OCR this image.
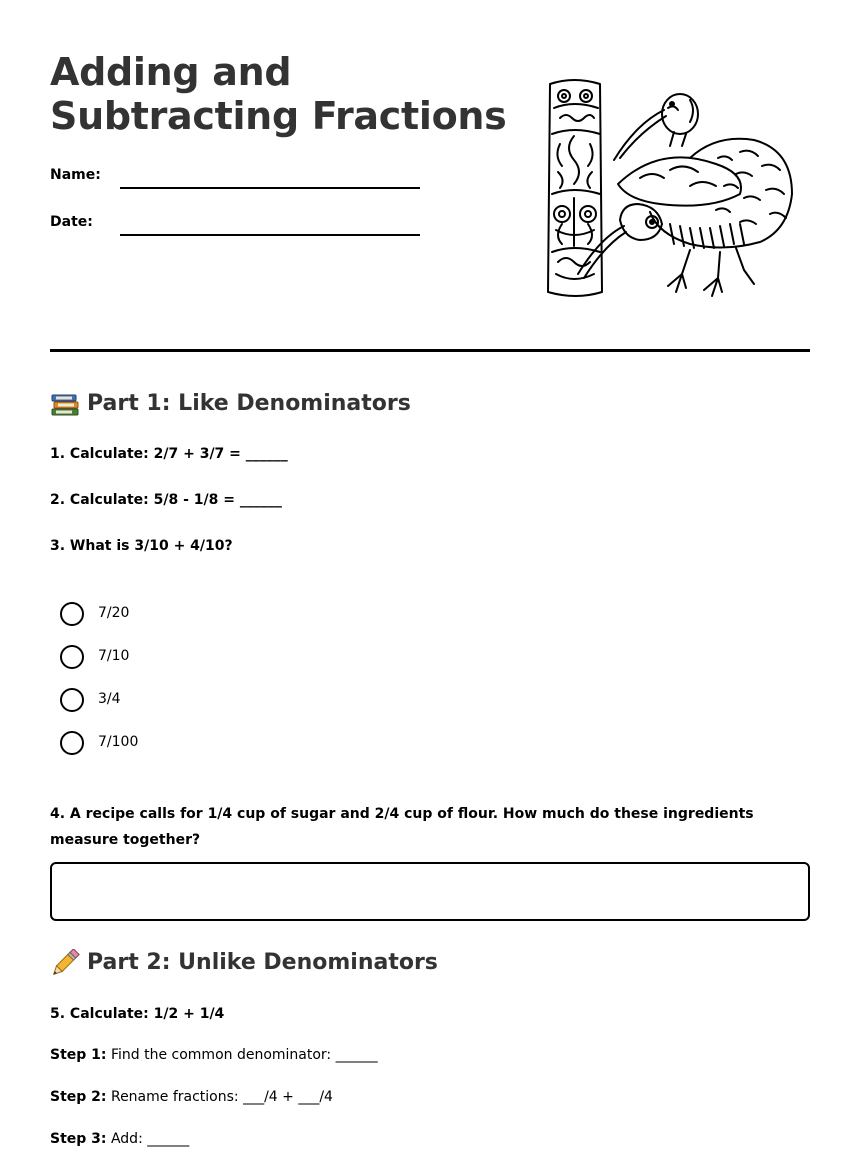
Adding and Subtracting Fractions
Name:
Date:
Part 1: Like Denominators

1. Calculate: 2/7 + 3/7 = ______

2. Calculate: 5/8 - 1/8 = ______

3. What is 3/10 + 4/10?

7/20
7/10
3/4
7/100

4. A recipe calls for 1/4 cup of sugar and 2/4 cup of flour. How much do these ingredients measure together?

Part 2: Unlike Denominators

5. Calculate: 1/2 + 1/4

Step 1: Find the common denominator: ______
Step 2: Rename fractions: ___/4 + ___/4
Step 3: Add: ______
